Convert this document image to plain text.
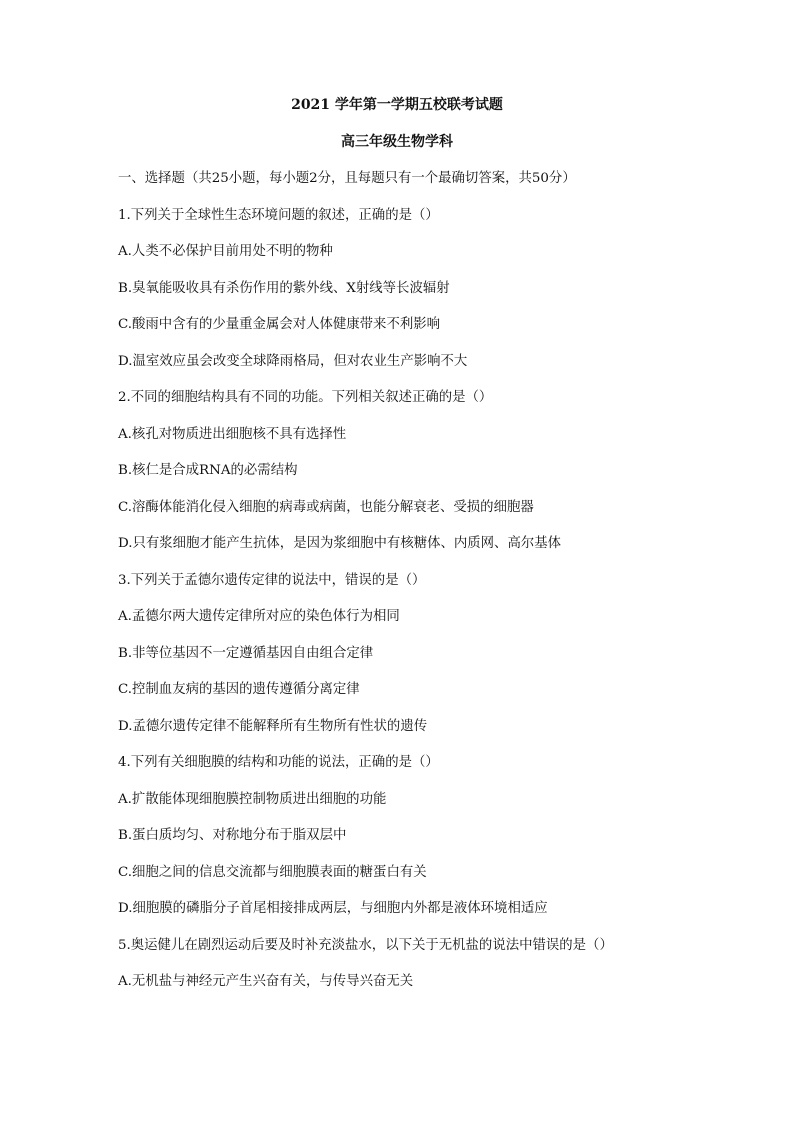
2021 学年第一学期五校联考试题
高三年级生物学科
一、选择题（共25小题，每小题2分，且每题只有一个最确切答案，共50分）
1.下列关于全球性生态环境问题的叙述，正确的是（）
A.人类不必保护目前用处不明的物种
B.臭氧能吸收具有杀伤作用的紫外线、X射线等长波辐射
C.酸雨中含有的少量重金属会对人体健康带来不利影响
D.温室效应虽会改变全球降雨格局，但对农业生产影响不大
2.不同的细胞结构具有不同的功能。下列相关叙述正确的是（）
A.核孔对物质进出细胞核不具有选择性
B.核仁是合成RNA的必需结构
C.溶酶体能消化侵入细胞的病毒或病菌，也能分解衰老、受损的细胞器
D.只有浆细胞才能产生抗体，是因为浆细胞中有核糖体、内质网、高尔基体
3.下列关于孟德尔遗传定律的说法中，错误的是（）
A.孟德尔两大遗传定律所对应的染色体行为相同
B.非等位基因不一定遵循基因自由组合定律
C.控制血友病的基因的遗传遵循分离定律
D.孟德尔遗传定律不能解释所有生物所有性状的遗传
4.下列有关细胞膜的结构和功能的说法，正确的是（）
A.扩散能体现细胞膜控制物质进出细胞的功能
B.蛋白质均匀、对称地分布于脂双层中
C.细胞之间的信息交流都与细胞膜表面的糖蛋白有关
D.细胞膜的磷脂分子首尾相接排成两层，与细胞内外都是液体环境相适应
5.奥运健儿在剧烈运动后要及时补充淡盐水，以下关于无机盐的说法中错误的是（）
A.无机盐与神经元产生兴奋有关，与传导兴奋无关
